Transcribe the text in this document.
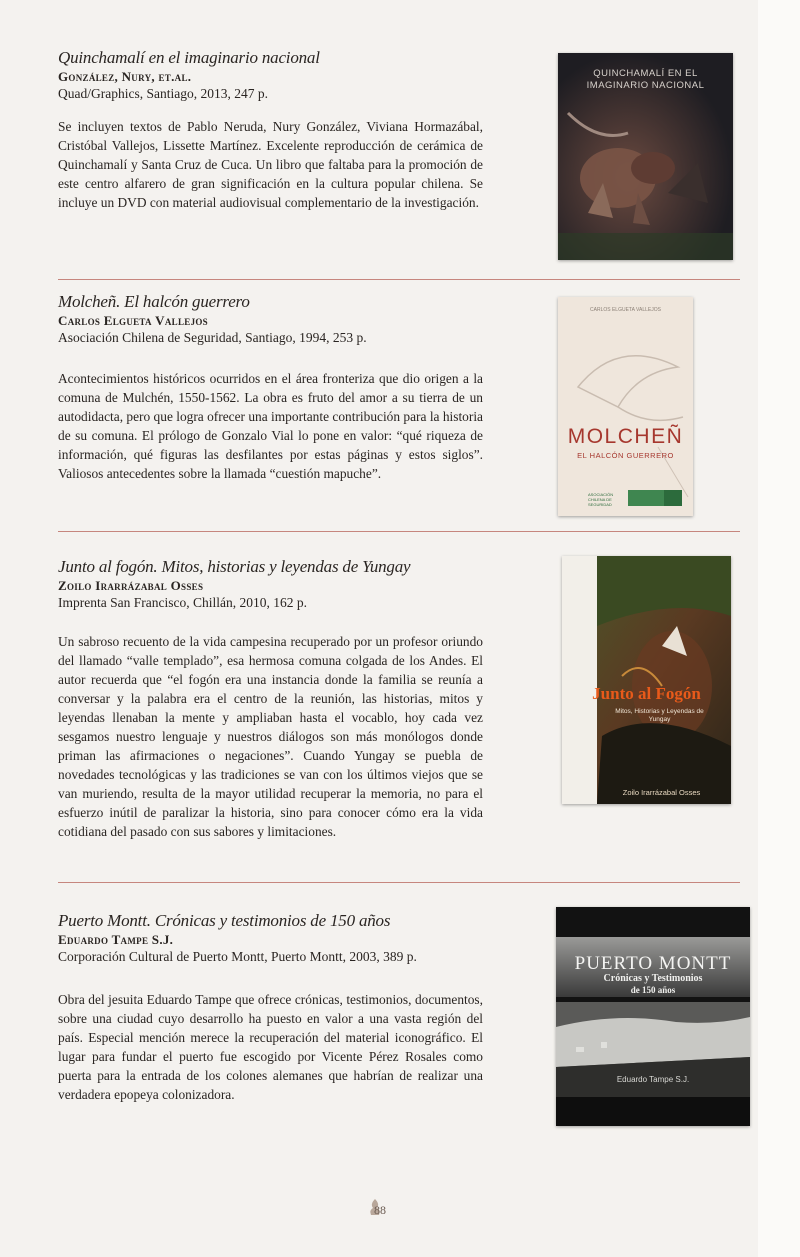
Quinchamalí en el imaginario nacional

González, Nury, et.al.
Quad/Graphics, Santiago, 2013, 247 p.

Se incluyen textos de Pablo Neruda, Nury González, Viviana Hormazábal, Cristóbal Vallejos, Lissette Martínez. Excelente reproducción de cerámica de Quinchamalí y Santa Cruz de Cuca. Un libro que faltaba para la promoción de este centro alfarero de gran significación en la cultura popular chilena. Se incluye un DVD con material audiovisual complementario de la investigación.

QUINCHAMALÍ EN EL
IMAGINARIO NACIONAL

Molcheñ. El halcón guerrero

Carlos Elgueta Vallejos
Asociación Chilena de Seguridad, Santiago, 1994, 253 p.

Acontecimientos históricos ocurridos en el área fronteriza que dio origen a la comuna de Mulchén, 1550-1562. La obra es fruto del amor a su tierra de un autodidacta, pero que logra ofrecer una importante contribución para la historia de su comuna. El prólogo de Gonzalo Vial lo pone en valor: “qué riqueza de información, qué figuras las desfilantes por estas páginas y estos siglos”. Valiosos antecedentes sobre la llamada “cuestión mapuche”.

CARLOS ELGUETA VALLEJOS
MOLCHEÑ
EL HALCÓN GUERRERO
ASOCIACIÓN CHILENA DE SEGURIDAD

Junto al fogón. Mitos, historias y leyendas de Yungay

Zoilo Irarrázabal Osses
Imprenta San Francisco, Chillán, 2010, 162 p.

Un sabroso recuento de la vida campesina recuperado por un profesor oriundo del llamado “valle templado”, esa hermosa comuna colgada de los Andes. El autor recuerda que “el fogón era una instancia donde la familia se reunía a conversar y la palabra era el centro de la reunión, las historias, mitos y leyendas llenaban la mente y ampliaban hasta el vocablo, hoy cada vez sesgamos nuestro lenguaje y nuestros diálogos son más monólogos donde priman las afirmaciones o negaciones”. Cuando Yungay se puebla de novedades tecnológicas y las tradiciones se van con los últimos viejos que se van muriendo, resulta de la mayor utilidad recuperar la memoria, no para el esfuerzo inútil de paralizar la historia, sino para conocer cómo era la vida cotidiana del pasado con sus sabores y limitaciones.

Junto al Fogón
Mitos, Historias y Leyendas de Yungay
Zoilo Irarrázabal Osses

Puerto Montt. Crónicas y testimonios de 150 años

Eduardo Tampe S.J.
Corporación Cultural de Puerto Montt, Puerto Montt, 2003, 389 p.

Obra del jesuita Eduardo Tampe que ofrece crónicas, testimonios, documentos, sobre una ciudad cuyo desarrollo ha puesto en valor a una vasta región del país. Especial mención merece la recuperación del material iconográfico. El lugar para fundar el puerto fue escogido por Vicente Pérez Rosales como puerta para la entrada de los colones alemanes que habrían de realizar una verdadera epopeya colonizadora.

PUERTO MONTT
Crónicas y Testimonios
de 150 años
Eduardo Tampe S.J.
88
